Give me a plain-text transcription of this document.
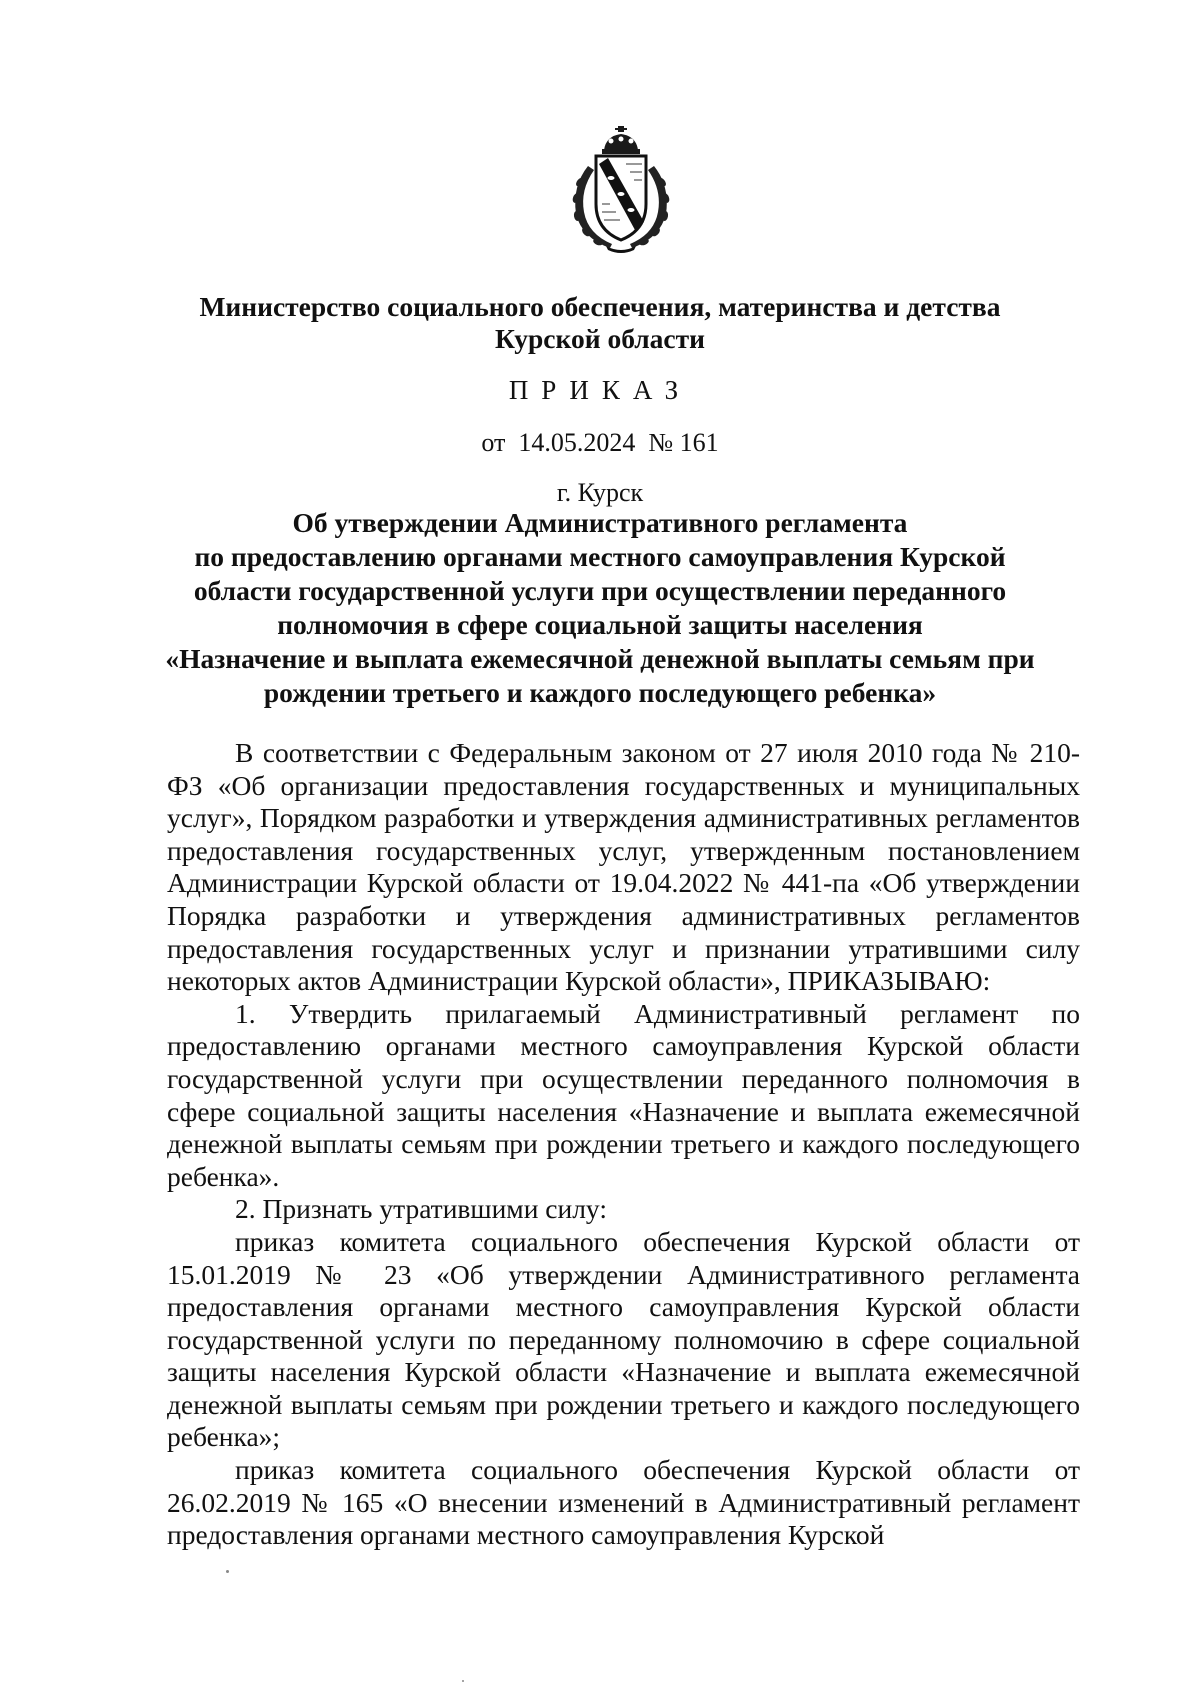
Министерство социального обеспечения, материнства и детства
Курской области
ПРИКАЗ
от 14.05.2024 № 161
г. Курск
Об утверждении Административного регламента
по предоставлению органами местного самоуправления Курской
области государственной услуги при осуществлении переданного
полномочия в сфере социальной защиты населения
«Назначение и выплата ежемесячной денежной выплаты семьям при
рождении третьего и каждого последующего ребенка»

В соответствии с Федеральным законом от 27 июля 2010 года № 210-ФЗ «Об организации предоставления государственных и муниципальных услуг», Порядком разработки и утверждения административных регламентов предоставления государственных услуг, утвержденным постановлением Администрации Курской области от 19.04.2022 № 441-па «Об утверждении Порядка разработки и утверждения административных регламентов предоставления государственных услуг и признании утратившими силу некоторых актов Администрации Курской области», ПРИКАЗЫВАЮ:

1. Утвердить прилагаемый Административный регламент по предоставлению органами местного самоуправления Курской области государственной услуги при осуществлении переданного полномочия в сфере социальной защиты населения «Назначение и выплата ежемесячной денежной выплаты семьям при рождении третьего и каждого последующего ребенка».

2. Признать утратившими силу:

приказ комитета социального обеспечения Курской области от 15.01.2019 № 23 «Об утверждении Административного регламента предоставления органами местного самоуправления Курской области государственной услуги по переданному полномочию в сфере социальной защиты населения Курской области «Назначение и выплата ежемесячной денежной выплаты семьям при рождении третьего и каждого последующего ребенка»;

приказ комитета социального обеспечения Курской области от 26.02.2019 № 165 «О внесении изменений в Административный регламент предоставления органами местного самоуправления Курской
